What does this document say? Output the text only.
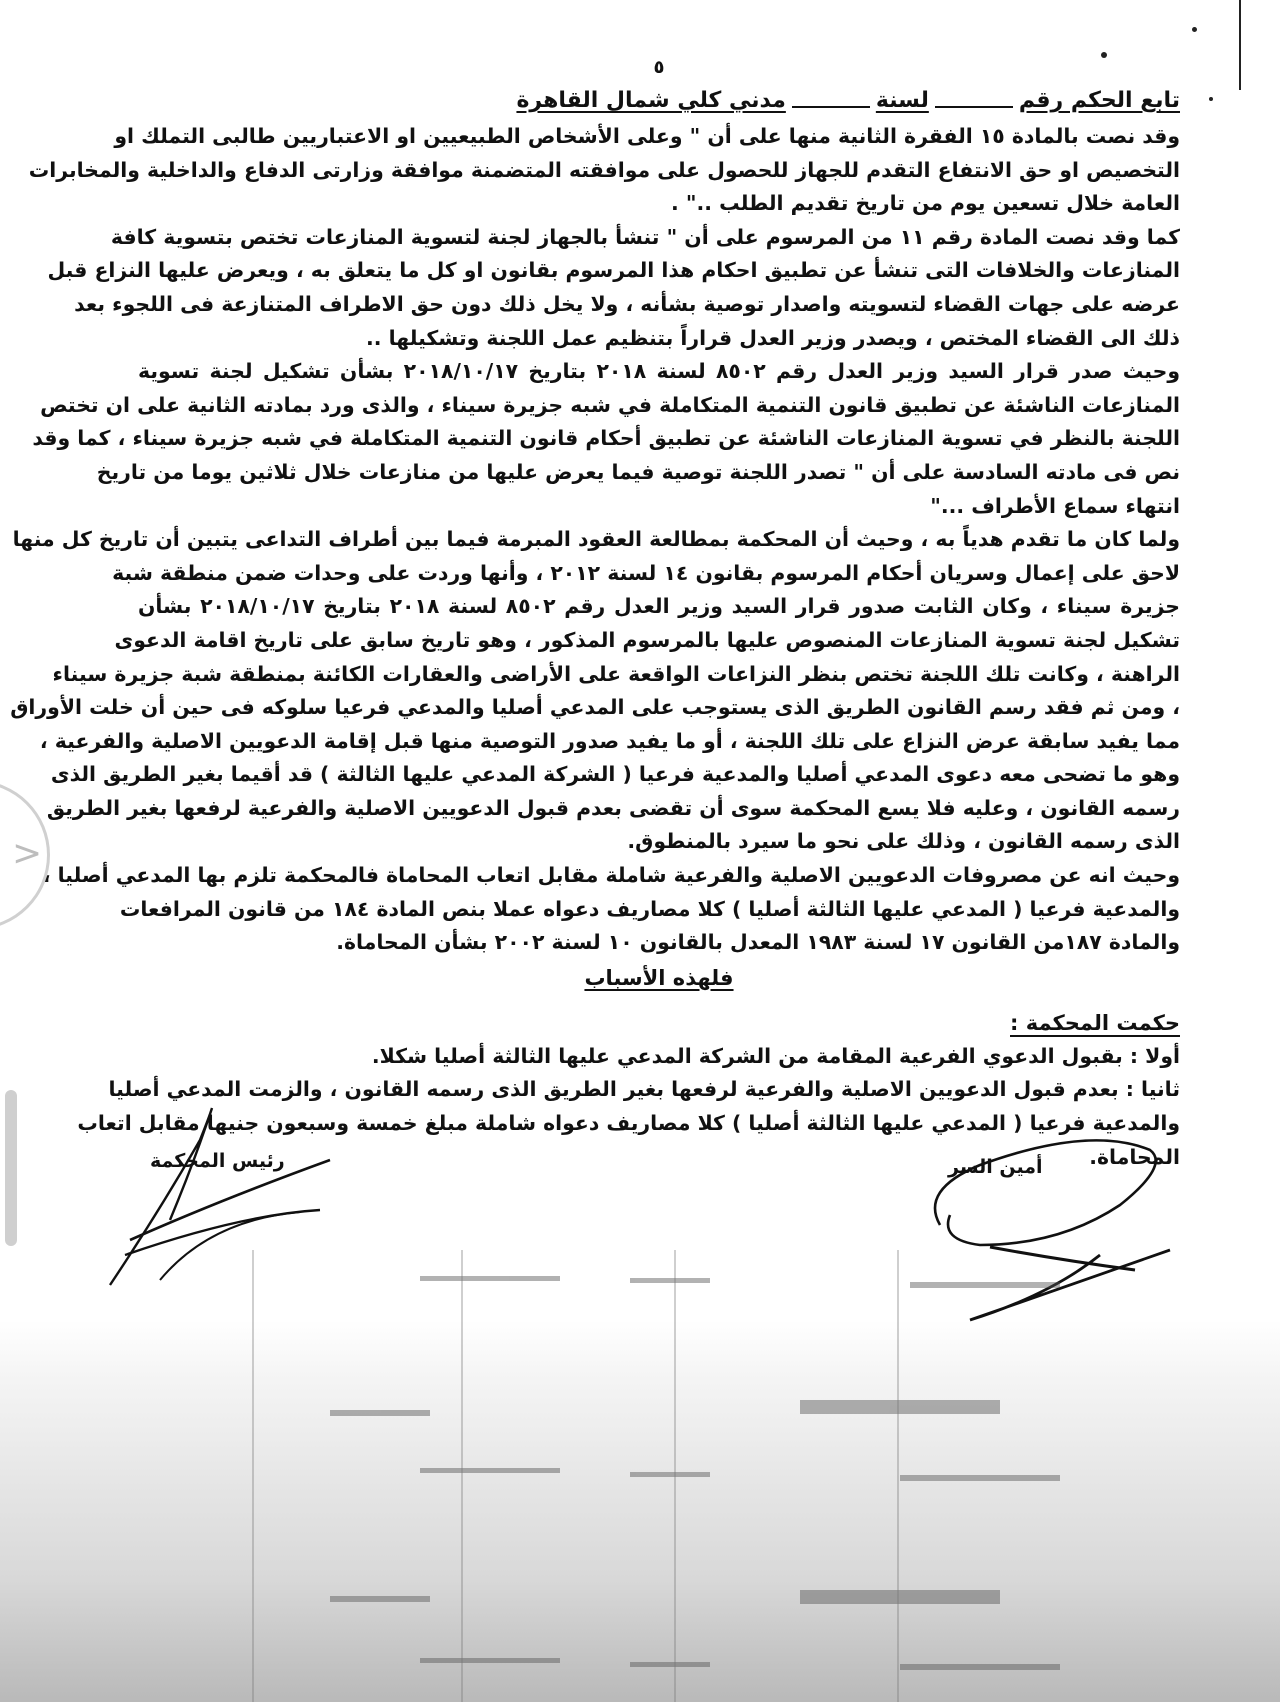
٥
تابع الحكم رقم
لسنة
مدني كلي شمال القاهرة
وقد نصت بالمادة ١٥ الفقرة الثانية منها على أن " وعلى الأشخاص الطبيعيين او الاعتباريين طالبى التملك او
التخصيص او حق الانتفاع التقدم للجهاز للحصول على موافقته المتضمنة موافقة وزارتى الدفاع والداخلية والمخابرات
العامة خلال تسعين يوم من تاريخ تقديم الطلب .." .
كما وقد نصت المادة رقم ١١ من المرسوم على أن " تنشأ بالجهاز لجنة لتسوية المنازعات تختص بتسوية كافة
المنازعات والخلافات التى تنشأ عن تطبيق احكام هذا المرسوم بقانون او كل ما يتعلق به ، ويعرض عليها النزاع قبل
عرضه على جهات القضاء لتسويته واصدار توصية بشأنه ، ولا يخل ذلك دون حق الاطراف المتنازعة فى اللجوء بعد
ذلك الى القضاء المختص ، ويصدر وزير العدل قراراً بتنظيم عمل اللجنة وتشكيلها ..
وحيث صدر قرار السيد وزير العدل رقم ٨٥٠٢ لسنة ٢٠١٨ بتاريخ ٢٠١٨/١٠/١٧ بشأن تشكيل لجنة تسوية
المنازعات الناشئة عن تطبيق قانون التنمية المتكاملة في شبه جزيرة سيناء ، والذى ورد بمادته الثانية على ان تختص
اللجنة بالنظر في تسوية المنازعات الناشئة عن تطبيق أحكام قانون التنمية المتكاملة في شبه جزيرة سيناء ، كما وقد
نص فى مادته السادسة على أن " تصدر اللجنة توصية فيما يعرض عليها من منازعات خلال ثلاثين يوما من تاريخ
انتهاء سماع الأطراف ..."
ولما كان ما تقدم هدياً به ، وحيث أن المحكمة بمطالعة العقود المبرمة فيما بين أطراف التداعى يتبين أن تاريخ كل منها
لاحق على إعمال وسريان أحكام المرسوم بقانون ١٤ لسنة ٢٠١٢ ، وأنها وردت على وحدات ضمن منطقة شبة
جزيرة سيناء ، وكان الثابت صدور قرار السيد وزير العدل رقم ٨٥٠٢ لسنة ٢٠١٨ بتاريخ ٢٠١٨/١٠/١٧ بشأن
تشكيل لجنة تسوية المنازعات المنصوص عليها بالمرسوم المذكور ، وهو تاريخ سابق على تاريخ اقامة الدعوى
الراهنة ، وكانت تلك اللجنة تختص بنظر النزاعات الواقعة على الأراضى والعقارات الكائنة بمنطقة شبة جزيرة سيناء
، ومن ثم فقد رسم القانون الطريق الذى يستوجب على المدعي أصليا والمدعي فرعيا سلوكه فى حين أن خلت الأوراق
مما يفيد سابقة عرض النزاع على تلك اللجنة ، أو ما يفيد صدور التوصية منها قبل إقامة الدعويين الاصلية والفرعية ،
وهو ما تضحى معه دعوى المدعي أصليا والمدعية فرعيا ( الشركة المدعي عليها الثالثة ) قد أقيما بغير الطريق الذى
رسمه القانون ، وعليه فلا يسع المحكمة سوى أن تقضى بعدم قبول الدعويين الاصلية والفرعية لرفعها بغير الطريق
الذى رسمه القانون ، وذلك على نحو ما سيرد بالمنطوق.
وحيث انه عن مصروفات الدعويين الاصلية والفرعية شاملة مقابل اتعاب المحاماة فالمحكمة تلزم بها المدعي أصليا ،
والمدعية فرعيا ( المدعي عليها الثالثة أصليا ) كلا مصاريف دعواه عملا بنص المادة ١٨٤ من قانون المرافعات
والمادة ١٨٧من القانون ١٧ لسنة ١٩٨٣ المعدل بالقانون ١٠ لسنة ٢٠٠٢ بشأن المحاماة.
فلهذه الأسباب
حكمت المحكمة :
أولا : بقبول الدعوي الفرعية المقامة من الشركة المدعي عليها الثالثة أصليا شكلا.
ثانيا : بعدم قبول الدعويين الاصلية والفرعية لرفعها بغير الطريق الذى رسمه القانون ، والزمت المدعي أصليا
والمدعية فرعيا ( المدعي عليها الثالثة أصليا ) كلا مصاريف دعواه شاملة مبلغ خمسة وسبعون جنيها مقابل اتعاب
المحاماة.
أمين السر
رئيس المحكمة
>
